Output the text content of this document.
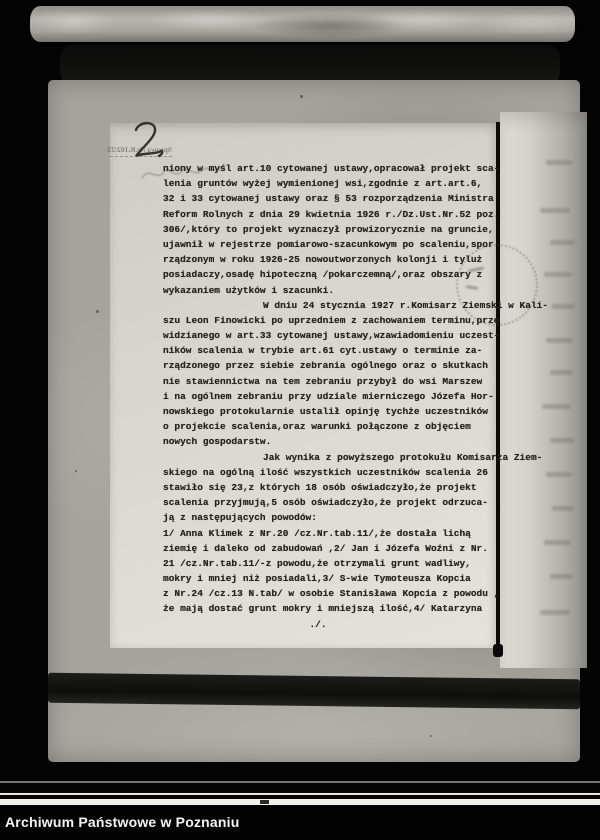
Sprawa Nr.R.102/25
niony w myśl art.10 cytowanej ustawy,opracował projekt sca-
lenia gruntów wyżej wymienionej wsi,zgodnie z art.art.6,
32 i 33 cytowanej ustawy oraz § 53 rozporządzenia Ministra
Reform Rolnych z dnia 29 kwietnia 1926 r./Dz.Ust.Nr.52 poz.
306/,który to projekt wyznaczył prowizorycznie na gruncie,
ujawnił w rejestrze pomiarowo-szacunkowym po scaleniu,spor
rządzonym w roku 1926-25 nowoutworzonych kolonji i tyluż
posiadaczy,osadę hipoteczną /pokarczemną/,oraz obszary z
wykazaniem użytków i szacunki.
W dniu 24 stycznia 1927 r.Komisarz Ziemski w Kali-
szu Leon Finowicki po uprzedniem z zachowaniem terminu,prze
widzianego w art.33 cytowanej ustawy,wzawiadomieniu uczest-
ników scalenia w trybie art.61 cyt.ustawy o terminie za-
rządzonego przez siebie zebrania ogólnego oraz o skutkach
nie stawiennictwa na tem zebraniu przybył do wsi Marszew
i na ogólnem zebraniu przy udziale mierniczego Józefa Hor-
nowskiego protokularnie ustalił opinję tychże uczestników
o projekcie scalenia,oraz warunki połączone z objęciem
nowych gospodarstw.
Jak wynika z powyższego protokułu Komisarza Ziem-
skiego na ogólną ilość wszystkich uczestników scalenia 26
stawiło się 23,z których 18 osób oświadczyło,że projekt
scalenia przyjmują,5 osób oświadczyło,że projekt odrzuca-
ją z następujących powodów:
1/ Anna Klimek z Nr.20 /cz.Nr.tab.11/,że dostała lichą
ziemię i daleko od zabudowań ,2/ Jan i Józefa Woźni z Nr.
21 /cz.Nr.tab.11/-z powodu,że otrzymali grunt wadliwy,
mokry i mniej niż posiadali,3/ S-wie Tymoteusza Kopcia
z Nr.24 /cz.13 N.tab/ w osobie Stanisława Kopcia z powodu ,
że mają dostać grunt mokry i mniejszą ilość,4/ Katarzyna
./.
Archiwum Państwowe w Poznaniu
